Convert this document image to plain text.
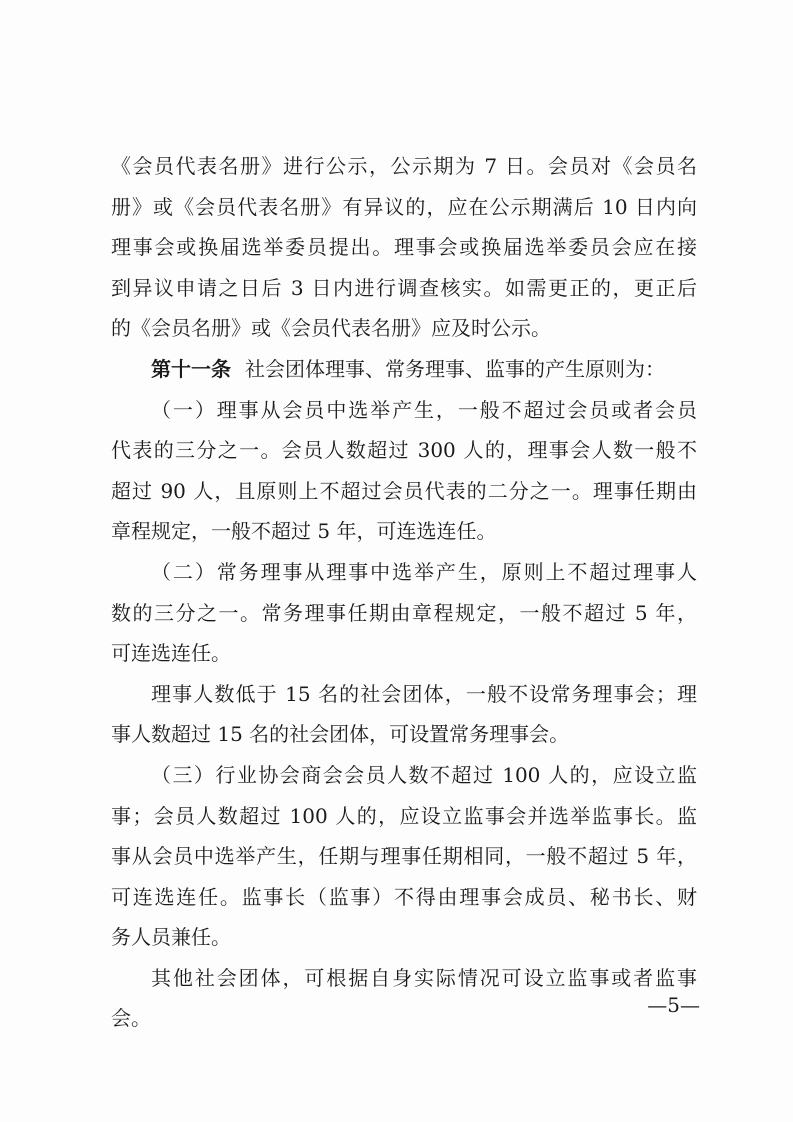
《会员代表名册》进行公示，公示期为 7 日。会员对《会员名
册》或《会员代表名册》有异议的，应在公示期满后 10 日内向
理事会或换届选举委员提出。理事会或换届选举委员会应在接
到异议申请之日后 3 日内进行调查核实。如需更正的，更正后
的《会员名册》或《会员代表名册》应及时公示。
第十一条 社会团体理事、常务理事、监事的产生原则为：
（一）理事从会员中选举产生，一般不超过会员或者会员
代表的三分之一。会员人数超过 300 人的，理事会人数一般不
超过 90 人，且原则上不超过会员代表的二分之一。理事任期由
章程规定，一般不超过 5 年，可连选连任。
（二）常务理事从理事中选举产生，原则上不超过理事人
数的三分之一。常务理事任期由章程规定，一般不超过 5 年，
可连选连任。
理事人数低于 15 名的社会团体，一般不设常务理事会；理
事人数超过 15 名的社会团体，可设置常务理事会。
（三）行业协会商会会员人数不超过 100 人的，应设立监
事；会员人数超过 100 人的，应设立监事会并选举监事长。监
事从会员中选举产生，任期与理事任期相同，一般不超过 5 年，
可连选连任。监事长（监事）不得由理事会成员、秘书长、财
务人员兼任。
其他社会团体，可根据自身实际情况可设立监事或者监事
会。
—5—
